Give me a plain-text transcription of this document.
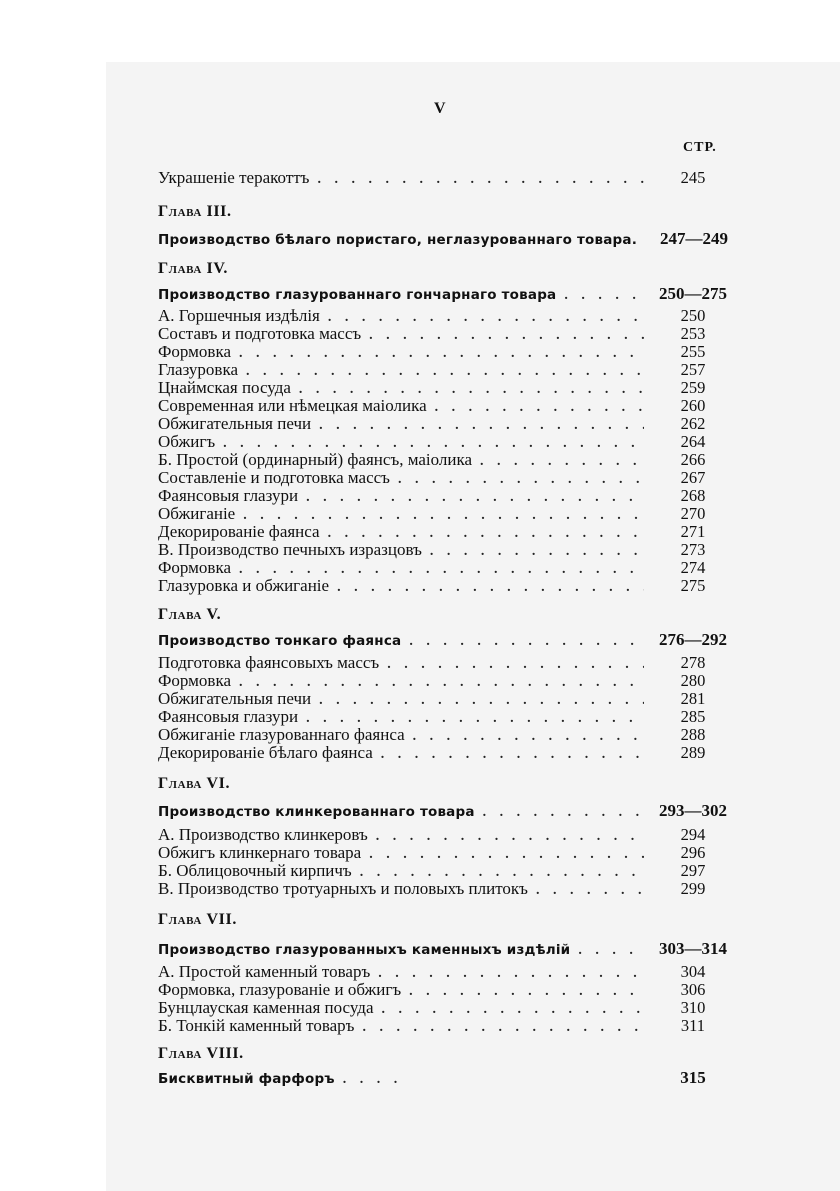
V
СТР.
Украшеніе теракоттъ . . .	245
Глава III.
Производство бѣлаго пористаго, неглазурованнаго товара.	247—249
Глава IV.
Производство глазурованнаго гончарнаго товара . . .	250—275
А. Горшечныя издѣлія . . .	250
Составъ и подготовка массъ . . .	253
Формовка . . .	255
Глазуровка . . .	257
Цнаймская посуда . . .	259
Современная или нѣмецкая маіолика . . .	260
Обжигательныя печи . . .	262
Обжигъ . . .	264
Б. Простой (ординарный) фаянсъ, маіолика . . .	266
Составленіе и подготовка массъ . . .	267
Фаянсовыя глазури . . .	268
Обжиганіе . . .	270
Декорированіе фаянса . . .	271
В. Производство печныхъ изразцовъ . . .	273
Формовка . . .	274
Глазуровка и обжиганіе . . .	275
Глава V.
Производство тонкаго фаянса . . .	276—292
Подготовка фаянсовыхъ массъ . . .	278
Формовка . . .	280
Обжигательныя печи . . .	281
Фаянсовыя глазури . . .	285
Обжиганіе глазурованнаго фаянса . . .	288
Декорированіе бѣлаго фаянса . . .	289
Глава VI.
Производство клинкерованнаго товара . . .	293—302
А. Производство клинкеровъ . . .	294
Обжигъ клинкернаго товара . . .	296
Б. Облицовочный кирпичъ . . .	297
В. Производство тротуарныхъ и половыхъ плитокъ . . .	299
Глава VII.
Производство глазурованныхъ каменныхъ издѣлій . . .	303—314
А. Простой каменный товаръ . . .	304
Формовка, глазурованіе и обжигъ . . .	306
Бунцлауская каменная посуда . . .	310
Б. Тонкій каменный товаръ . . .	311
Глава VIII.
Бисквитный фарфоръ . . .	315
